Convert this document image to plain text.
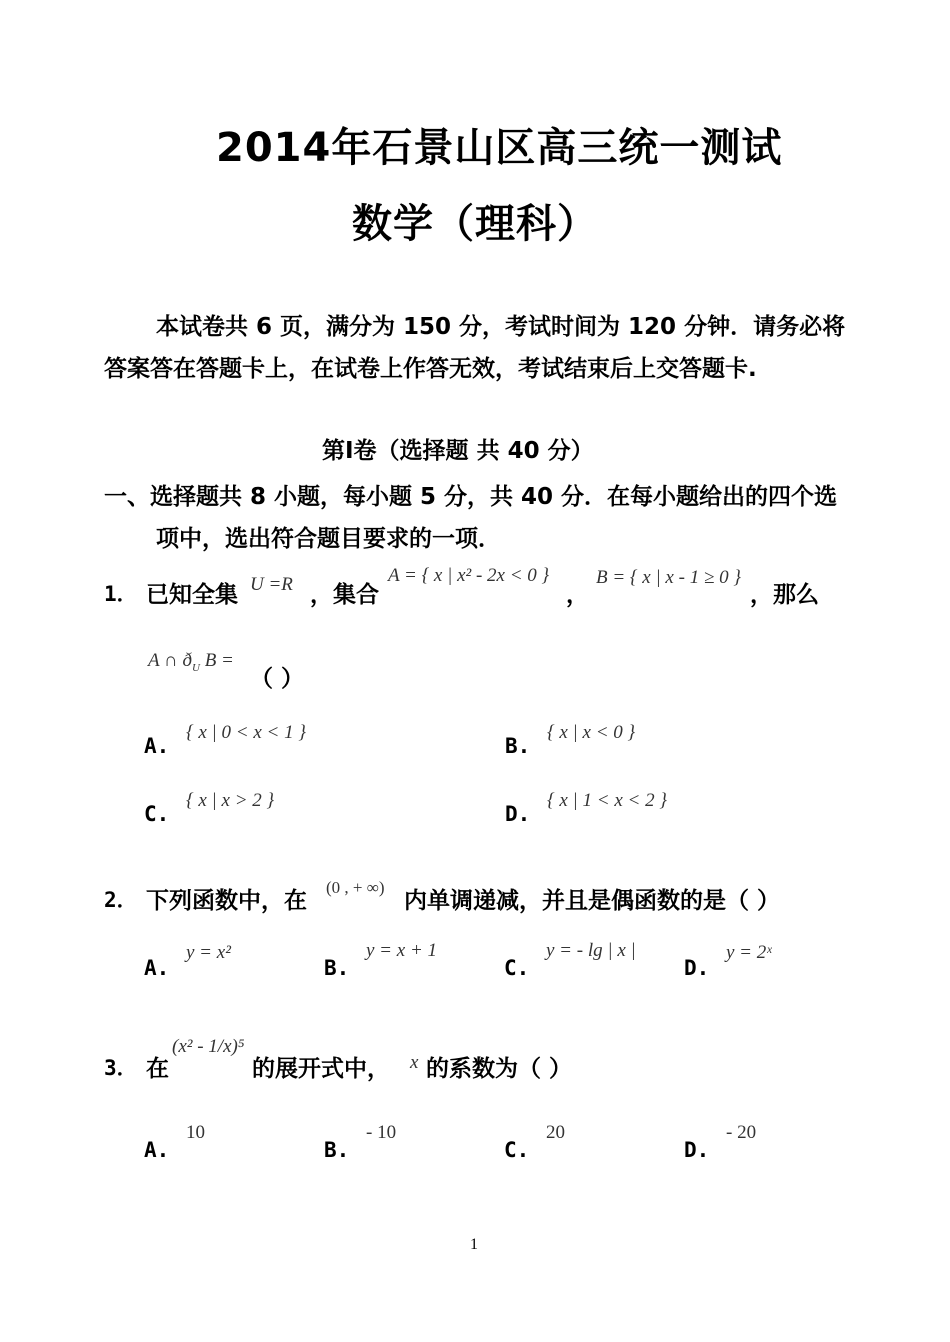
2014年石景山区高三统一测试
数学（理科）
本试卷共 6 页，满分为 150 分，考试时间为 120 分钟．请务必将
答案答在答题卡上，在试卷上作答无效，考试结束后上交答题卡.
第Ⅰ卷（选择题 共 40 分）
一、选择题共 8 小题，每小题 5 分，共 40 分．在每小题给出的四个选
项中，选出符合题目要求的一项．
1． 已知全集 U =R ，集合
A = { x | x² - 2x < 0 }
，
B = { x | x - 1 ≥ 0 }
，那么
A ∩ $ð_U$ B =
（ ）
A.
{ x | 0 < x < 1 }
B.
{ x | x < 0 }
C.
{ x | x > 2 }
D.
{ x | 1 < x < 2 }
2． 下列函数中，在
(0 , + ∞)
内单调递减，并且是偶函数的是（ ）
A.
y = x²
B.
y = x + 1
C.
y = - lg | x |
D.
y = 2ˣ
3． 在
(x² - 1/x)⁵
的展开式中， x 的系数为（ ）
A.
10
B.
- 10
C.
20
D.
- 20
1
